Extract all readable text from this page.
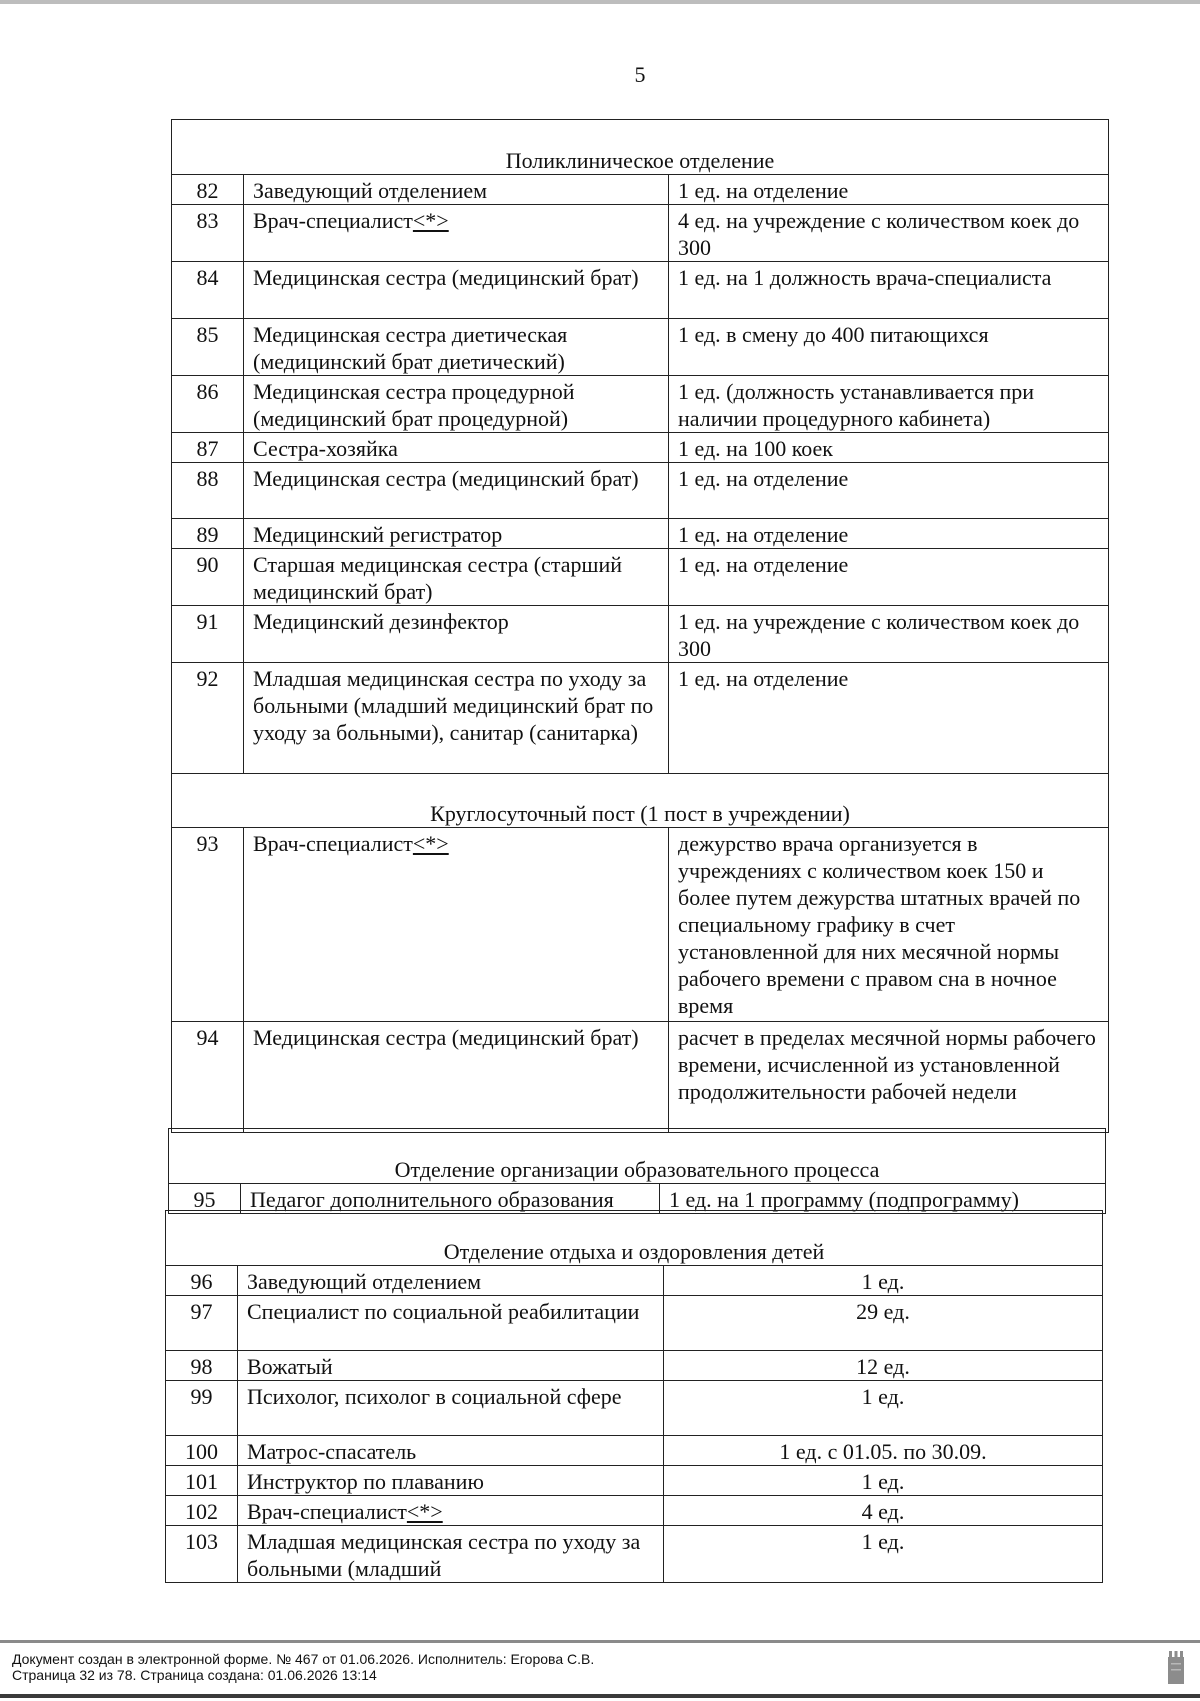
5
Поликлиническое отделение		
82	Заведующий отделением	1 ед. на отделение
83	Врач-специалист<*>	4 ед. на учреждение с количеством коек до 300
84	Медицинская сестра (медицинский брат)	1 ед. на 1 должность врача-специалиста
85	Медицинская сестра диетическая (медицинский брат диетический)	1 ед. в смену до 400 питающихся
86	Медицинская сестра процедурной (медицинский брат процедурной)	1 ед. (должность устанавливается при наличии процедурного кабинета)
87	Сестра-хозяйка	1 ед. на 100 коек
88	Медицинская сестра (медицинский брат)	1 ед. на отделение
89	Медицинский регистратор	1 ед. на отделение
90	Старшая медицинская сестра (старший медицинский брат)	1 ед. на отделение
91	Медицинский дезинфектор	1 ед. на учреждение с количеством коек до 300
92	Младшая медицинская сестра по уходу за больными (младший медицинский брат по уходу за больными), санитар (санитарка)	1 ед. на отделение
Круглосуточный пост (1 пост в учреждении)		
93	Врач-специалист<*>	дежурство врача организуется в учреждениях с количеством коек 150 и более путем дежурства штатных врачей по специальному графику в счет установленной для них месячной нормы рабочего времени с правом сна в ночное время
94	Медицинская сестра (медицинский брат)	расчет в пределах месячной нормы рабочего времени, исчисленной из установленной продолжительности рабочей недели
Отделение организации образовательного процесса
95	Педагог дополнительного образования	1 ед. на 1 программу (подпрограмму)
Отделение отдыха и оздоровления детей		
96	Заведующий отделением	1 ед.
97	Специалист по социальной реабилитации	29 ед.
98	Вожатый	12 ед.
99	Психолог, психолог в социальной сфере	1 ед.
100	Матрос-спасатель	1 ед. с 01.05. по 30.09.
101	Инструктор по плаванию	1 ед.
102	Врач-специалист<*>	4 ед.
103	Младшая медицинская сестра по уходу за больными (младший	1 ед.
Документ создан в электронной форме. № 467 от 01.06.2026. Исполнитель: Егорова С.В.
Страница 32 из 78. Страница создана: 01.06.2026 13:14
